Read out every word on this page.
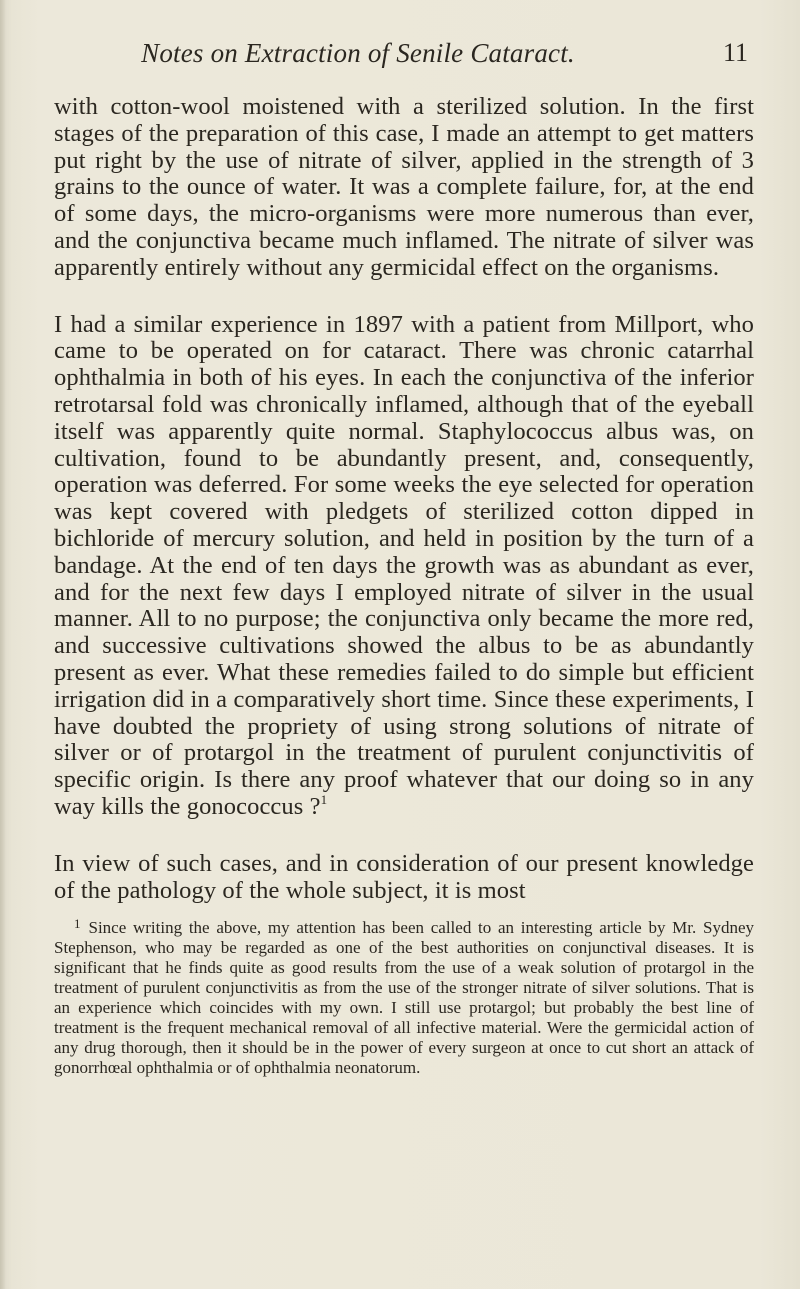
Notes on Extraction of Senile Cataract.	11

with cotton-wool moistened with a sterilized solution. In the first stages of the preparation of this case, I made an attempt to get matters put right by the use of nitrate of silver, applied in the strength of 3 grains to the ounce of water. It was a complete failure, for, at the end of some days, the micro-organisms were more numerous than ever, and the conjunctiva became much inflamed. The nitrate of silver was apparently entirely without any germicidal effect on the organisms.

I had a similar experience in 1897 with a patient from Millport, who came to be operated on for cataract. There was chronic catarrhal ophthalmia in both of his eyes. In each the conjunctiva of the inferior retrotarsal fold was chronically inflamed, although that of the eyeball itself was apparently quite normal. Staphylococcus albus was, on cultivation, found to be abundantly present, and, consequently, operation was deferred. For some weeks the eye selected for operation was kept covered with pledgets of sterilized cotton dipped in bichloride of mercury solution, and held in position by the turn of a bandage. At the end of ten days the growth was as abundant as ever, and for the next few days I employed nitrate of silver in the usual manner. All to no purpose; the conjunctiva only became the more red, and successive cultivations showed the albus to be as abundantly present as ever. What these remedies failed to do simple but efficient irrigation did in a comparatively short time. Since these experiments, I have doubted the propriety of using strong solutions of nitrate of silver or of protargol in the treatment of purulent conjunctivitis of specific origin. Is there any proof whatever that our doing so in any way kills the gonococcus ?$^1$

In view of such cases, and in consideration of our present knowledge of the pathology of the whole subject, it is most

$^1$ Since writing the above, my attention has been called to an interesting article by Mr. Sydney Stephenson, who may be regarded as one of the best authorities on conjunctival diseases. It is significant that he finds quite as good results from the use of a weak solution of protargol in the treatment of purulent conjunctivitis as from the use of the stronger nitrate of silver solutions. That is an experience which coincides with my own. I still use protargol; but probably the best line of treatment is the frequent mechanical removal of all infective material. Were the germicidal action of any drug thorough, then it should be in the power of every surgeon at once to cut short an attack of gonorrhœal ophthalmia or of ophthalmia neonatorum.
